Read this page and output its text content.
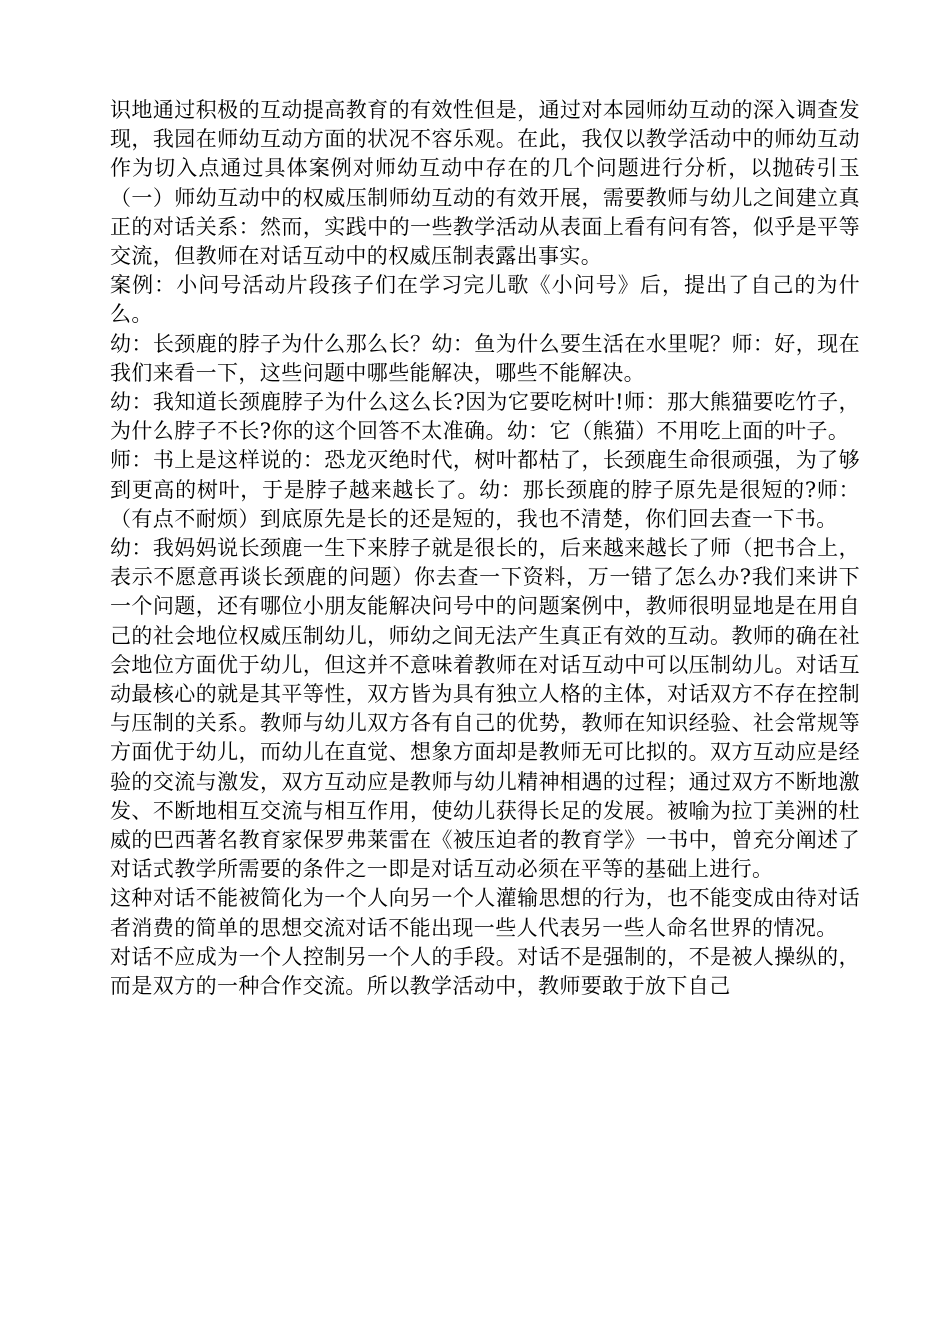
识地通过积极的互动提高教育的有效性但是，通过对本园师幼互动的深入调查发现，我园在师幼互动方面的状况不容乐观。在此，我仅以教学活动中的师幼互动作为切入点通过具体案例对师幼互动中存在的几个问题进行分析，以抛砖引玉（一）师幼互动中的权威压制师幼互动的有效开展，需要教师与幼儿之间建立真正的对话关系：然而，实践中的一些教学活动从表面上看有问有答，似乎是平等交流，但教师在对话互动中的权威压制表露出事实。

案例：小问号活动片段孩子们在学习完儿歌《小问号》后，提出了自己的为什么。

幼：长颈鹿的脖子为什么那么长？幼：鱼为什么要生活在水里呢？师：好，现在我们来看一下，这些问题中哪些能解决，哪些不能解决。

幼：我知道长颈鹿脖子为什么这么长?因为它要吃树叶!师：那大熊猫要吃竹子，为什么脖子不长?你的这个回答不太准确。幼：它（熊猫）不用吃上面的叶子。

师：书上是这样说的：恐龙灭绝时代，树叶都枯了，长颈鹿生命很顽强，为了够到更高的树叶，于是脖子越来越长了。幼：那长颈鹿的脖子原先是很短的?师：（有点不耐烦）到底原先是长的还是短的，我也不清楚，你们回去查一下书。

幼：我妈妈说长颈鹿一生下来脖子就是很长的，后来越来越长了师（把书合上，表示不愿意再谈长颈鹿的问题）你去查一下资料，万一错了怎么办?我们来讲下一个问题，还有哪位小朋友能解决问号中的问题案例中，教师很明显地是在用自己的社会地位权威压制幼儿，师幼之间无法产生真正有效的互动。教师的确在社会地位方面优于幼儿，但这并不意味着教师在对话互动中可以压制幼儿。对话互动最核心的就是其平等性，双方皆为具有独立人格的主体，对话双方不存在控制与压制的关系。教师与幼儿双方各有自己的优势，教师在知识经验、社会常规等方面优于幼儿，而幼儿在直觉、想象方面却是教师无可比拟的。双方互动应是经验的交流与激发，双方互动应是教师与幼儿精神相遇的过程；通过双方不断地激发、不断地相互交流与相互作用，使幼儿获得长足的发展。被喻为拉丁美洲的杜威的巴西著名教育家保罗弗莱雷在《被压迫者的教育学》一书中，曾充分阐述了对话式教学所需要的条件之一即是对话互动必须在平等的基础上进行。

这种对话不能被简化为一个人向另一个人灌输思想的行为，也不能变成由待对话者消费的简单的思想交流对话不能出现一些人代表另一些人命名世界的情况。

对话不应成为一个人控制另一个人的手段。对话不是强制的，不是被人操纵的，而是双方的一种合作交流。所以教学活动中，教师要敢于放下自己
